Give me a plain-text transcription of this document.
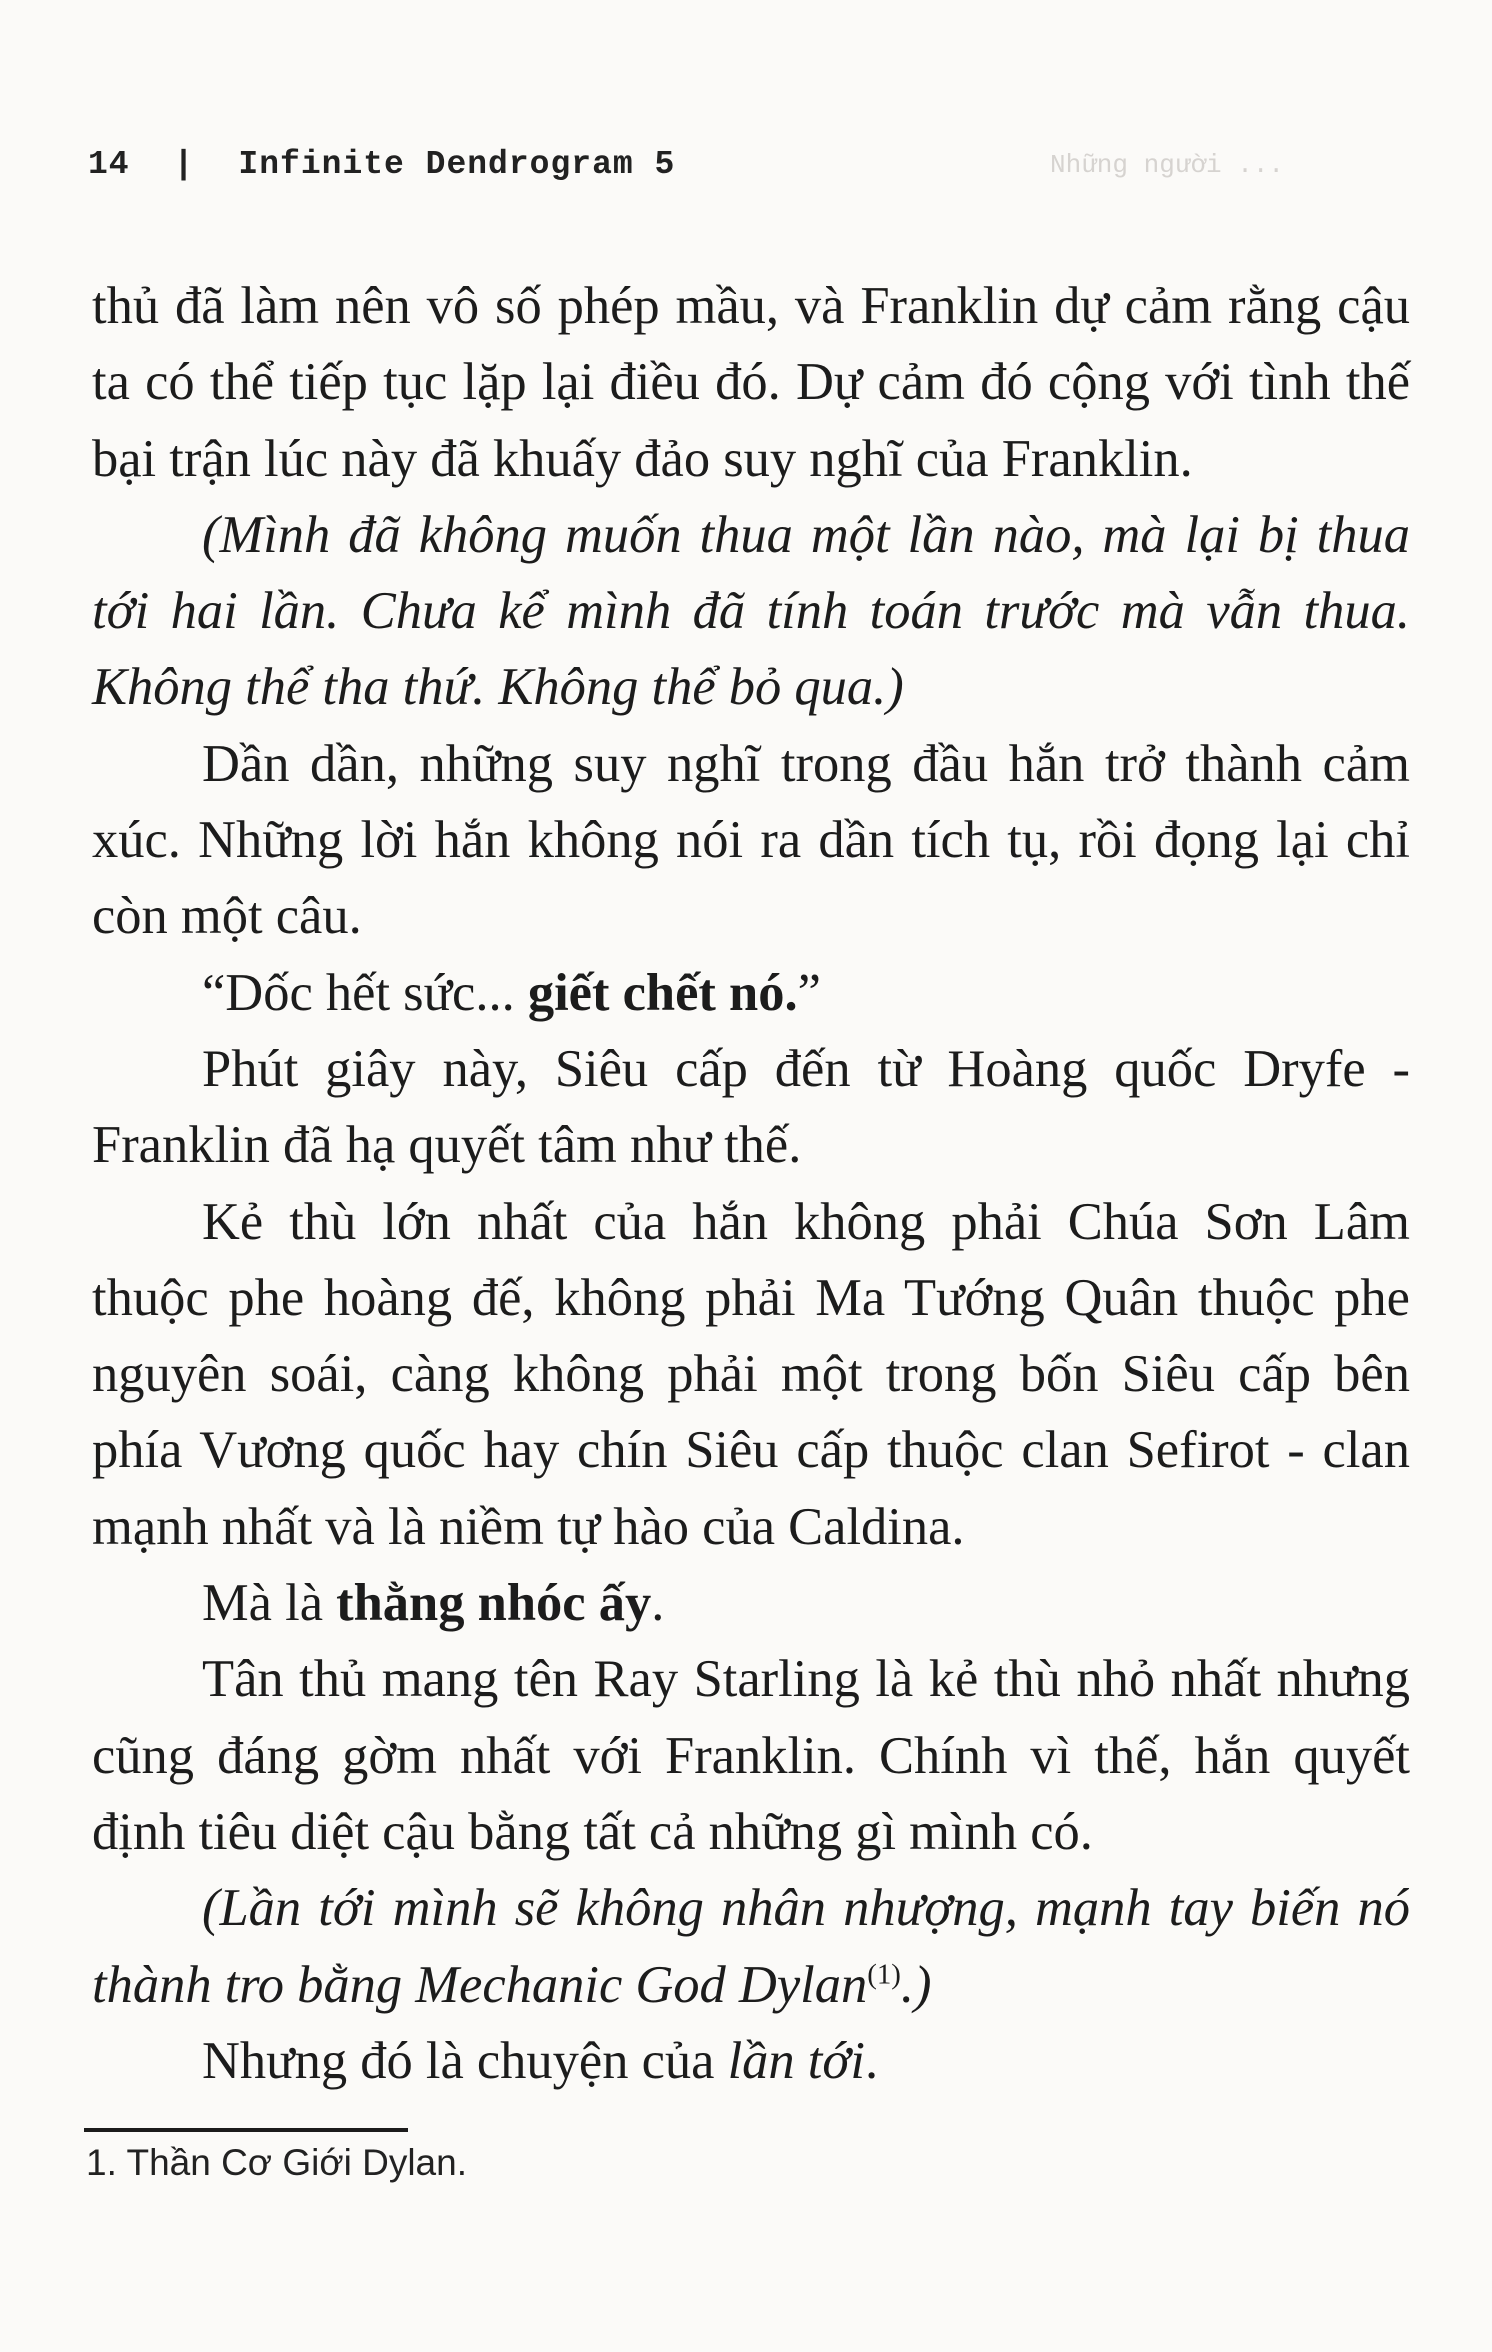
14 | Infinite Dendrogram 5	Những người ...

thủ đã làm nên vô số phép mầu, và Franklin dự cảm rằng cậu ta có thể tiếp tục lặp lại điều đó. Dự cảm đó cộng với tình thế bại trận lúc này đã khuấy đảo suy nghĩ của Franklin.

(Mình đã không muốn thua một lần nào, mà lại bị thua tới hai lần. Chưa kể mình đã tính toán trước mà vẫn thua. Không thể tha thứ. Không thể bỏ qua.)

Dần dần, những suy nghĩ trong đầu hắn trở thành cảm xúc. Những lời hắn không nói ra dần tích tụ, rồi đọng lại chỉ còn một câu.

“Dốc hết sức... giết chết nó.”

Phút giây này, Siêu cấp đến từ Hoàng quốc Dryfe - Franklin đã hạ quyết tâm như thế.

Kẻ thù lớn nhất của hắn không phải Chúa Sơn Lâm thuộc phe hoàng đế, không phải Ma Tướng Quân thuộc phe nguyên soái, càng không phải một trong bốn Siêu cấp bên phía Vương quốc hay chín Siêu cấp thuộc clan Sefirot - clan mạnh nhất và là niềm tự hào của Caldina.

Mà là thằng nhóc ấy.

Tân thủ mang tên Ray Starling là kẻ thù nhỏ nhất nhưng cũng đáng gờm nhất với Franklin. Chính vì thế, hắn quyết định tiêu diệt cậu bằng tất cả những gì mình có.

(Lần tới mình sẽ không nhân nhượng, mạnh tay biến nó thành tro bằng Mechanic God Dylan$^{(1)}$.)

Nhưng đó là chuyện của lần tới.

1. Thần Cơ Giới Dylan.
